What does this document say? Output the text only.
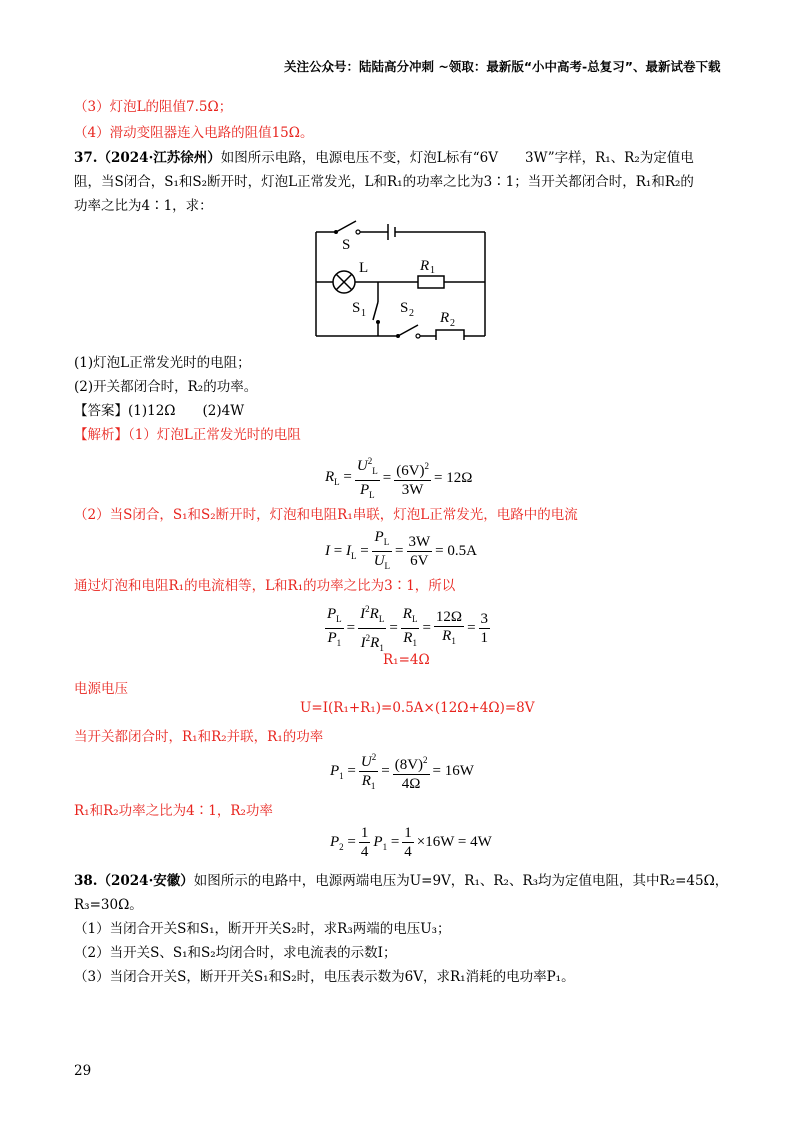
关注公众号：陆陆高分冲刺 ~领取：最新版“小中高考-总复习”、最新试卷下载
（3）灯泡L的阻值7.5Ω；
（4）滑动变阻器连入电路的阻值15Ω。
37.（2024·江苏徐州）如图所示电路，电源电压不变，灯泡L标有“6V　　3W”字样，R₁、R₂为定值电
阻，当S闭合，S₁和S₂断开时，灯泡L正常发光，L和R₁的功率之比为3∶1；当开关都闭合时，R₁和R₂的
功率之比为4∶1，求：
S
L	R 1
S 1 S 2 R 2
(1)灯泡L正常发光时的电阻；
(2)开关都闭合时，R₂的功率。
【答案】(1)12Ω　　(2)4W
【解析】（1）灯泡L正常发光时的电阻
$R_L = \frac{U^2_L}{P_L} = \frac{(6V)^2}{3W} = 12\Omega$
（2）当S闭合，S₁和S₂断开时，灯泡和电阻R₁串联，灯泡L正常发光，电路中的电流
$I = I_L = \frac{P_L}{U_L} = \frac{3W}{6V} = 0.5A$
通过灯泡和电阻R₁的电流相等，L和R₁的功率之比为3∶1，所以
$\frac{P_L}{P_1} = \frac{I^2R_L}{I^2R_1} = \frac{R_L}{R_1} = \frac{12\Omega}{R_1} = \frac{3}{1}$
R₁=4Ω
电源电压
U=I(R₁+R₁)=0.5A×(12Ω+4Ω)=8V
当开关都闭合时，R₁和R₂并联，R₁的功率
$P_1 = \frac{U^2}{R_1} = \frac{(8V)^2}{4\Omega} = 16W$
R₁和R₂功率之比为4∶1，R₂功率
$P_2 = \frac{1}{4} P_1 = \frac{1}{4} \times 16W = 4W$
38.（2024·安徽）如图所示的电路中，电源两端电压为U=9V，R₁、R₂、R₃均为定值电阻，其中R₂=45Ω，
R₃=30Ω。
（1）当闭合开关S和S₁，断开开关S₂时，求R₃两端的电压U₃；
（2）当开关S、S₁和S₂均闭合时，求电流表的示数I；
（3）当闭合开关S，断开开关S₁和S₂时，电压表示数为6V，求R₁消耗的电功率P₁。
29
